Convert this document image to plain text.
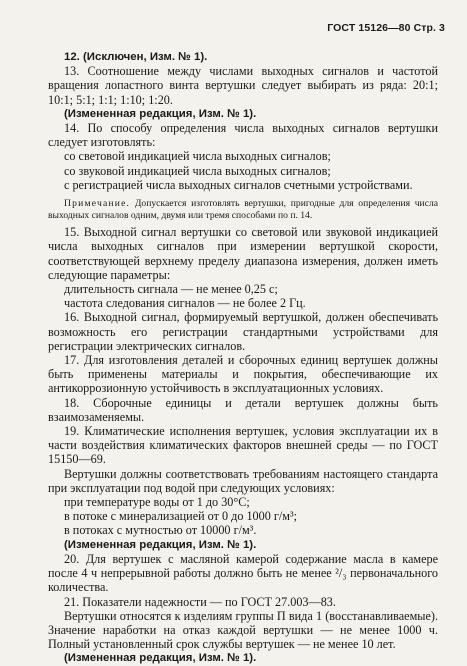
ГОСТ 15126—80 Стр. 3

12. (Исключен, Изм. № 1).

13. Соотношение между числами выходных сигналов и частотой вращения лопастного винта вертушки следует выбирать из ряда: 20:1; 10:1; 5:1; 1:1; 1:10; 1:20.

(Измененная редакция, Изм. № 1).

14. По способу определения числа выходных сигналов вертушки следует изготовлять:

со световой индикацией числа выходных сигналов;

со звуковой индикацией числа выходных сигналов;

с регистрацией числа выходных сигналов счетными устройствами.

Примечание. Допускается изготовлять вертушки, пригодные для определения числа выходных сигналов одним, двумя или тремя способами по п. 14.

15. Выходной сигнал вертушки со световой или звуковой индикацией числа выходных сигналов при измерении вертушкой скорости, соответствующей верхнему пределу диапазона измерения, должен иметь следующие параметры:

длительность сигнала — не менее 0,25 с;

частота следования сигналов — не более 2 Гц.

16. Выходной сигнал, формируемый вертушкой, должен обеспечивать возможность его регистрации стандартными устройствами для регистрации электрических сигналов.

17. Для изготовления деталей и сборочных единиц вертушек должны быть применены материалы и покрытия, обеспечивающие их антикоррозионную устойчивость в эксплуатационных условиях.

18. Сборочные единицы и детали вертушек должны быть взаимозаменяемы.

19. Климатические исполнения вертушек, условия эксплуатации их в части воздействия климатических факторов внешней среды — по ГОСТ 15150—69.

Вертушки должны соответствовать требованиям настоящего стандарта при эксплуатации под водой при следующих условиях:

при температуре воды от 1 до 30°С;

в потоке с минерализацией от 0 до 1000 г/м³;

в потоках с мутностью от 10000 г/м³.

(Измененная редакция, Изм. № 1).

20. Для вертушек с масляной камерой содержание масла в камере после 4 ч непрерывной работы должно быть не менее ²/₃ первоначального количества.

21. Показатели надежности — по ГОСТ 27.003—83.

Вертушки относятся к изделиям группы П вида 1 (восстанавливаемые). Значение наработки на отказ каждой вертушки — не менее 1000 ч. Полный установленный срок службы вертушек — не менее 10 лет.

(Измененная редакция, Изм. № 1).
